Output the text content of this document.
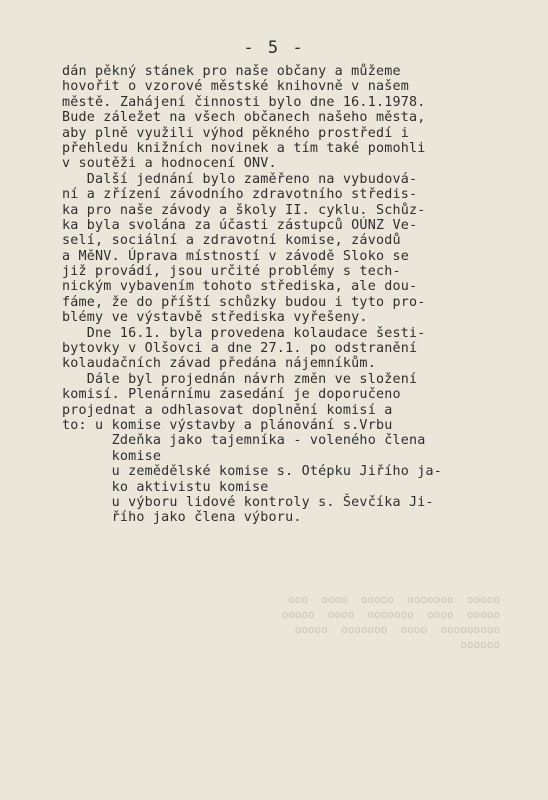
ooooo  ooooooo  ooooo  oooo  ooo
ooooo  oooo  ooooooo  oooo  ooooo
ooooooooo  oooo  ooooooo  ooooo
oooooo
- 5 -
dán pěkný stánek pro naše občany a můžeme
hovořit o vzorové městské knihovně v našem
městě. Zahájení činnosti bylo dne 16.1.1978.
Bude záležet na všech občanech našeho města,
aby plně využili výhod pěkného prostředí i
přehledu knižních novinek a tím také pomohli
v soutěži a hodnocení ONV.
Další jednání bylo zaměřeno na vybudová-
ní a zřízení závodního zdravotního středis-
ka pro naše závody a školy II. cyklu. Schůz-
ka byla svolána za účasti zástupců OÚNZ Ve-
selí, sociální a zdravotní komise, závodů
a MěNV. Úprava místností v závodě Sloko se
již provádí, jsou určité problémy s tech-
nickým vybavením tohoto střediska, ale dou-
fáme, že do příští schůzky budou i tyto pro-
blémy ve výstavbě střediska vyřešeny.
Dne 16.1. byla provedena kolaudace šesti-
bytovky v Olšovci a dne 27.1. po odstranění
kolaudačních závad předána nájemníkům.
Dále byl projednán návrh změn ve složení
komisí. Plenárnímu zasedání je doporučeno
projednat a odhlasovat doplnění komisí a
to: u komise výstavby a plánování s.Vrbu
Zdeňka jako tajemníka - voleného člena
komise
u zemědělské komise s. Otépku Jiřího ja-
ko aktivistu komise
u výboru lidové kontroly s. Ševčíka Ji-
řího jako člena výboru.
